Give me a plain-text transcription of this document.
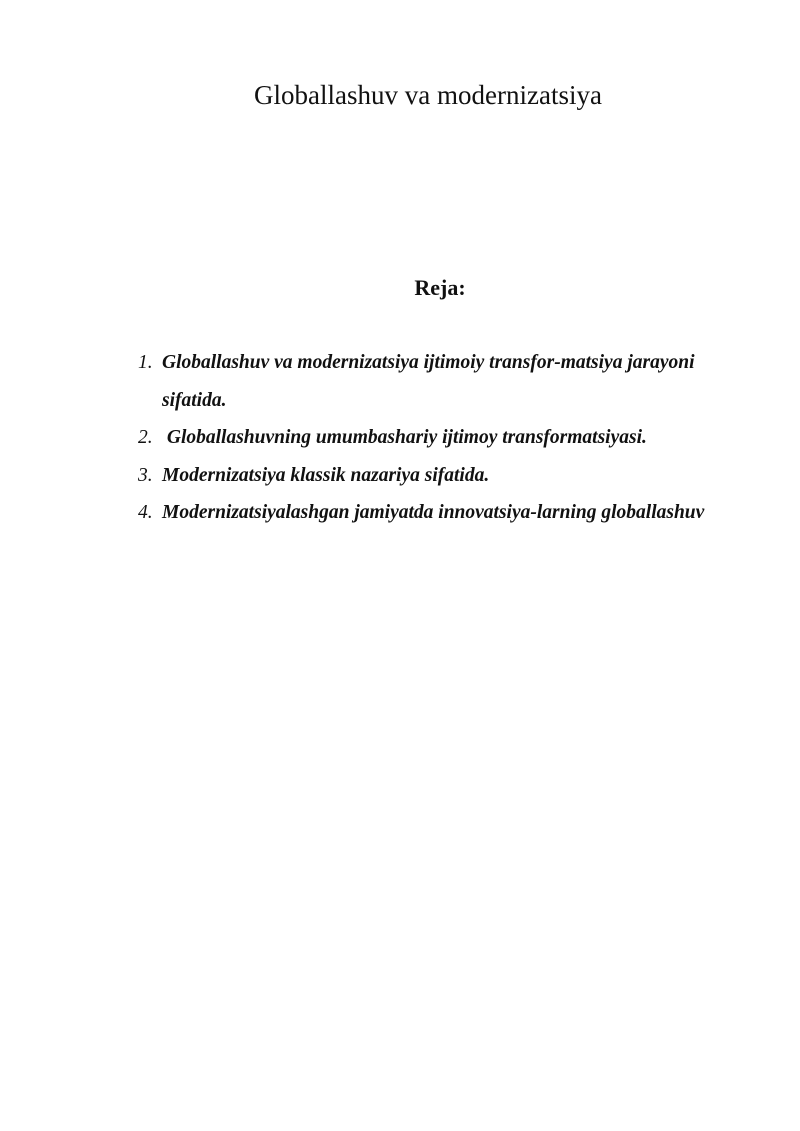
Globallashuv va modernizatsiya
Reja:
1. Globallashuv va modernizatsiya ijtimoiy transfor-matsiya jarayoni sifatida.
2. Globallashuvning umumbashariy ijtimoy transformatsiyasi.
3. Modernizatsiya klassik nazariya sifatida.
4. Modernizatsiyalashgan jamiyatda innovatsiya-larning globallashuv
